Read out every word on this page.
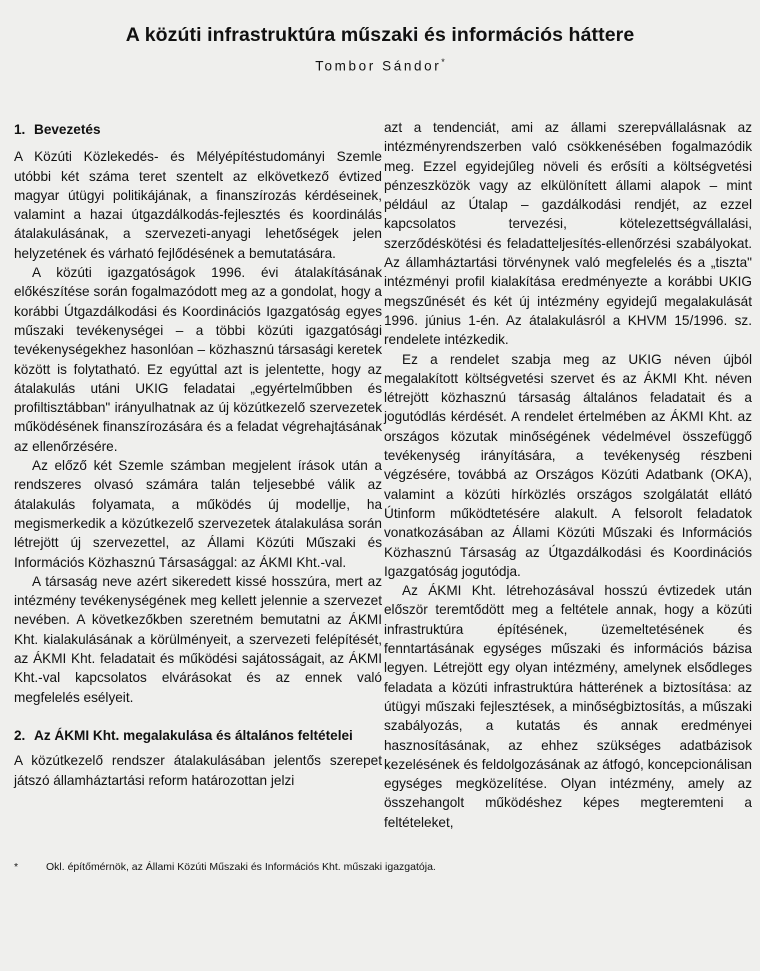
A közúti infrastruktúra műszaki és információs háttere
Tombor Sándor*
1. Bevezetés

A Közúti Közlekedés- és Mélyépítéstudományi Szemle utóbbi két száma teret szentelt az elkövetkező évtized magyar útügyi politikájának, a finanszírozás kérdéseinek, valamint a hazai útgazdálkodás-fejlesztés és koordinálás átalakulásának, a szervezeti-anyagi lehetőségek jelen helyzetének és várható fejlődésének a bemutatására.

A közúti igazgatóságok 1996. évi átalakításának előkészítése során fogalmazódott meg az a gondolat, hogy a korábbi Útgazdálkodási és Koordinációs Igazgatóság egyes műszaki tevékenységei – a többi közúti igazgatósági tevékenységekhez hasonlóan – közhasznú társasági keretek között is folytatható. Ez egyúttal azt is jelentette, hogy az átalakulás utáni UKIG feladatai „egyértelműbben és profiltisztábban" irányulhatnak az új közútkezelő szervezetek működésének finanszírozására és a feladat végrehajtásának az ellenőrzésére.

Az előző két Szemle számban megjelent írások után a rendszeres olvasó számára talán teljesebbé válik az átalakulás folyamata, a működés új modellje, ha megismerkedik a közútkezelő szervezetek átalakulása során létrejött új szervezettel, az Állami Közúti Műszaki és Információs Közhasznú Társasággal: az ÁKMI Kht.-val.

A társaság neve azért sikeredett kissé hosszúra, mert az intézmény tevékenységének meg kellett jelennie a szervezet nevében. A következőkben szeretném bemutatni az ÁKMI Kht. kialakulásának a körülményeit, a szervezeti felépítését, az ÁKMI Kht. feladatait és működési sajátosságait, az ÁKMI Kht.-val kapcsolatos elvárásokat és az ennek való megfelelés esélyeit.

2. Az ÁKMI Kht. megalakulása és általános feltételei

A közútkezelő rendszer átalakulásában jelentős szerepet játszó államháztartási reform határozottan jelzi

azt a tendenciát, ami az állami szerepvállalásnak az intézményrendszerben való csökkenésében fogalmazódik meg. Ezzel egyidejűleg növeli és erősíti a költségvetési pénzeszközök vagy az elkülönített állami alapok – mint például az Útalap – gazdálkodási rendjét, az ezzel kapcsolatos tervezési, kötelezettségvállalási, szerződéskötési és feladatteljesítés-ellenőrzési szabályokat. Az államháztartási törvénynek való megfelelés és a „tiszta" intézményi profil kialakítása eredményezte a korábbi UKIG megszűnését és két új intézmény egyidejű megalakulását 1996. június 1-én. Az átalakulásról a KHVM 15/1996. sz. rendelete intézkedik.

Ez a rendelet szabja meg az UKIG néven újból megalakított költségvetési szervet és az ÁKMI Kht. néven létrejött közhasznú társaság általános feladatait és a jogutódlás kérdését. A rendelet értelmében az ÁKMI Kht. az országos közutak minőségének védelmével összefüggő tevékenység irányítására, a tevékenység részbeni végzésére, továbbá az Országos Közúti Adatbank (OKA), valamint a közúti hírközlés országos szolgálatát ellátó Útinform működtetésére alakult. A felsorolt feladatok vonatkozásában az Állami Közúti Műszaki és Információs Közhasznú Társaság az Útgazdálkodási és Koordinációs Igazgatóság jogutódja.

Az ÁKMI Kht. létrehozásával hosszú évtizedek után először teremtődött meg a feltétele annak, hogy a közúti infrastruktúra építésének, üzemeltetésének és fenntartásának egységes műszaki és információs bázisa legyen. Létrejött egy olyan intézmény, amelynek elsődleges feladata a közúti infrastruktúra hátterének a biztosítása: az útügyi műszaki fejlesztések, a minőségbiztosítás, a műszaki szabályozás, a kutatás és annak eredményei hasznosításának, az ehhez szükséges adatbázisok kezelésének és feldolgozásának az átfogó, koncepcionálisan egységes megközelítése. Olyan intézmény, amely az összehangolt működéshez képes megteremteni a feltételeket,

*	Okl. építőmérnök, az Állami Közúti Műszaki és Információs Kht. műszaki igazgatója.
